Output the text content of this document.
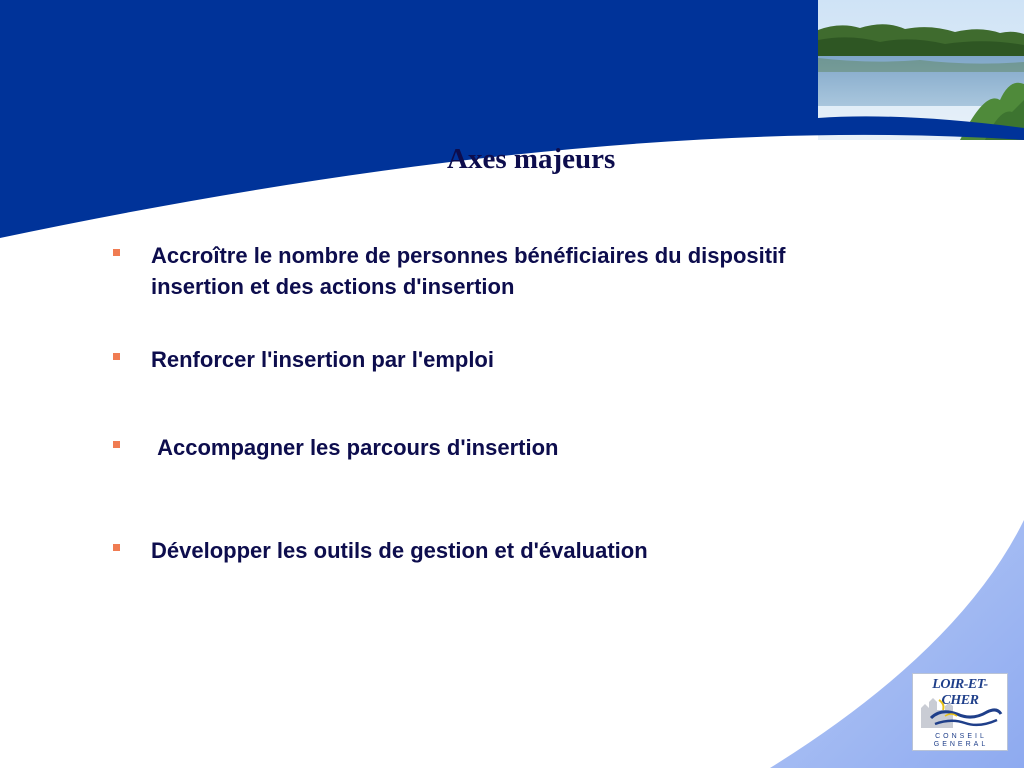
Axes majeurs
Accroître le nombre de personnes bénéficiaires du dispositif
insertion et des actions d'insertion
Renforcer l'insertion par l'emploi
Accompagner les parcours d'insertion
Développer les outils de gestion et d'évaluation
LOIR-ET-CHER
CONSEIL
GENERAL
